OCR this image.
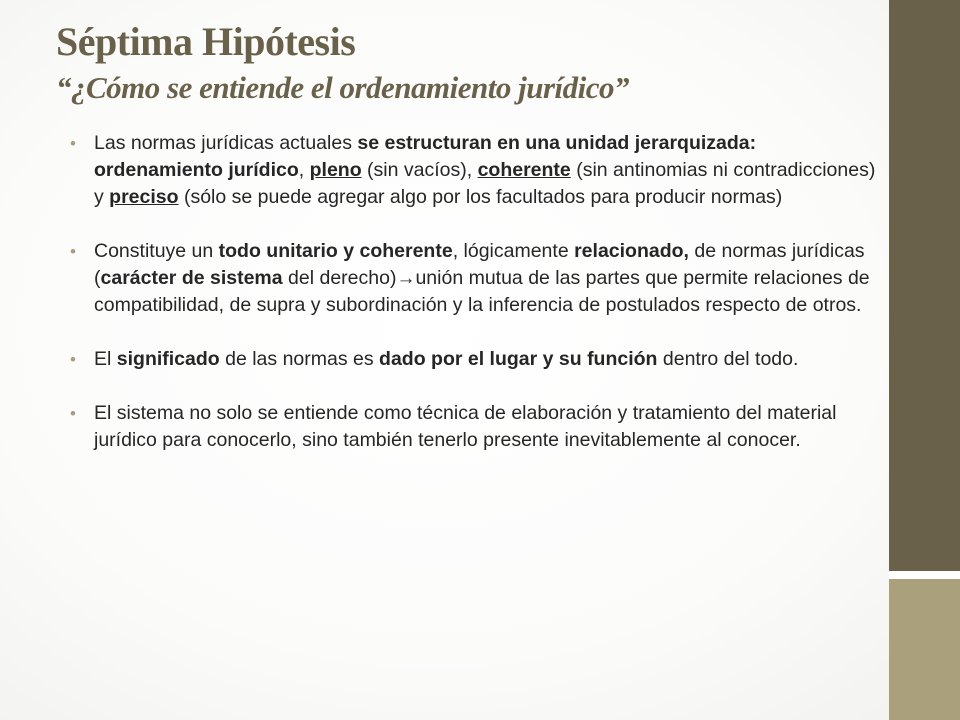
Séptima Hipótesis
“¿Cómo se entiende el ordenamiento jurídico”
• Las normas jurídicas actuales se estructuran en una unidad jerarquizada: ordenamiento jurídico, pleno (sin vacíos), coherente (sin antinomias ni contradicciones) y preciso (sólo se puede agregar algo por los facultados para producir normas)
• Constituye un todo unitario y coherente, lógicamente relacionado, de normas jurídicas (carácter de sistema del derecho)→unión mutua de las partes que permite relaciones de compatibilidad, de supra y subordinación y la inferencia de postulados respecto de otros.
• El significado de las normas es dado por el lugar y su función dentro del todo.
• El sistema no solo se entiende como técnica de elaboración y tratamiento del material jurídico para conocerlo, sino también tenerlo presente inevitablemente al conocer.
